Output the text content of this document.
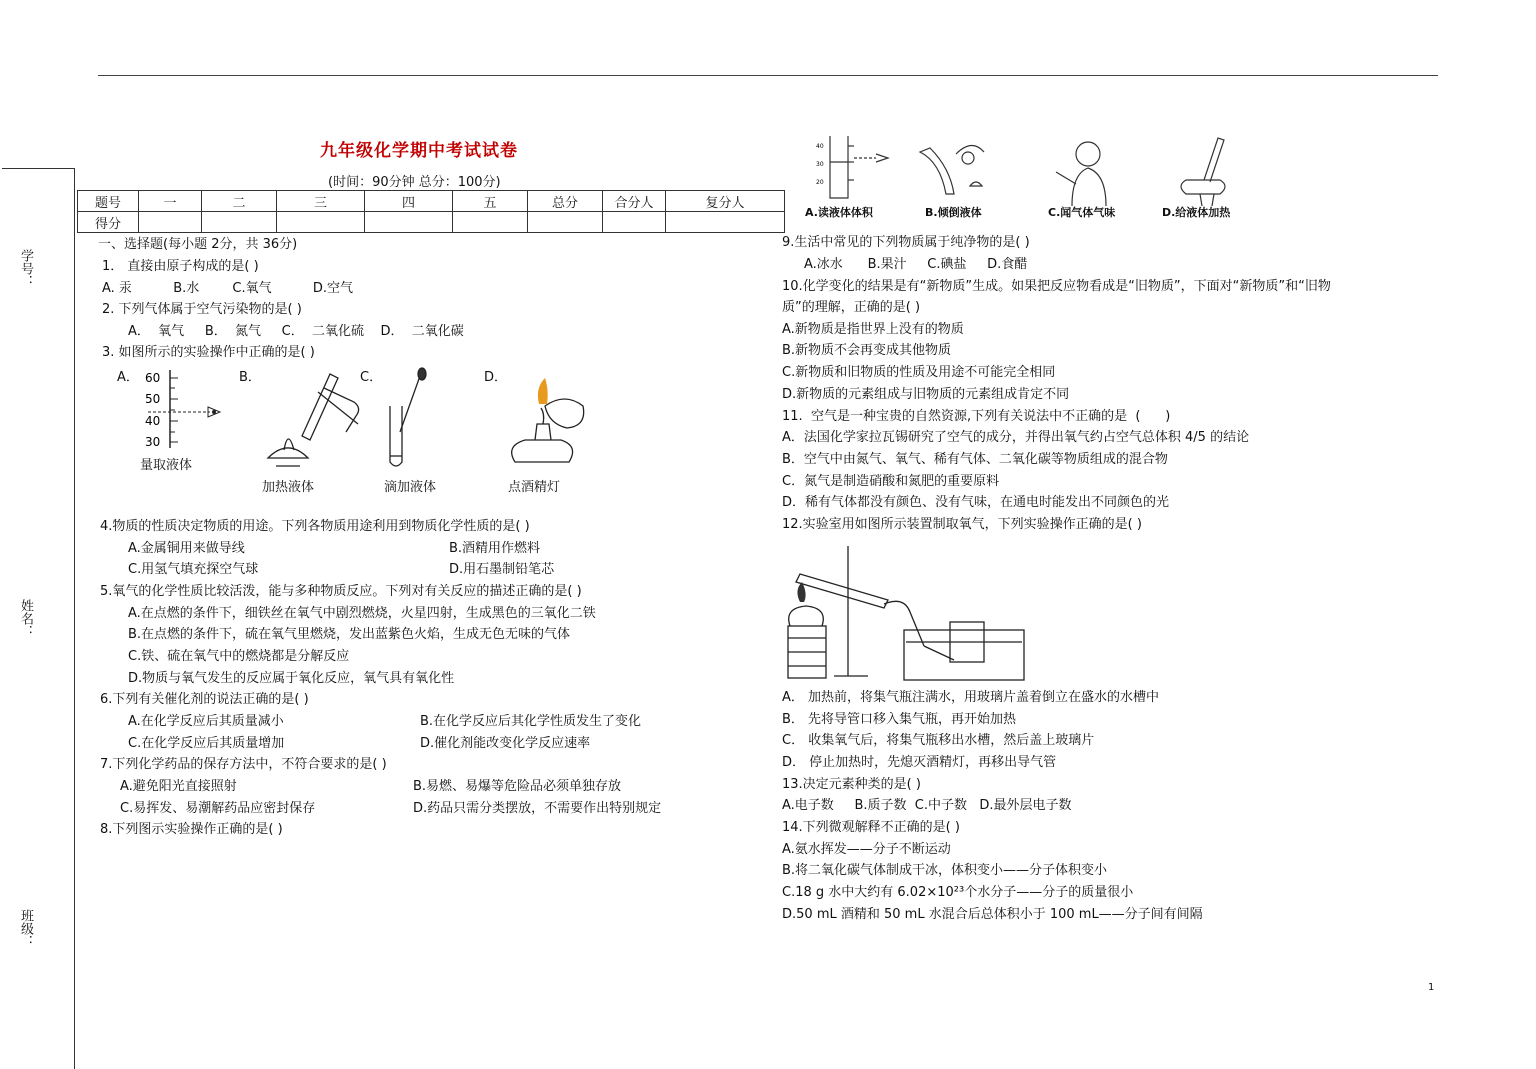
学号：
姓名：
班级：
九年级化学期中考试试卷
(时间：90分钟 总分：100分)
题号	一	二	三	四	五	总分	合分人	复分人
得分								
一、选择题(每小题 2分，共 36分)
1． 直接由原子构成的是( )
A. 汞          B.水        C.氧气          D.空气
2. 下列气体属于空气污染物的是( )
A．  氧气     B．  氮气     C．  二氧化硫    D．  二氧化碳
3. 如图所示的实验操作中正确的是( )
A．	B．	C．	D．
60
50
40
30
量取液体
加热液体	滴加液体	点酒精灯
4.物质的性质决定物质的用途。下列各物质用途利用到物质化学性质的是( )
A.金属铜用来做导线	B.酒精用作燃料
C.用氢气填充探空气球	D.用石墨制铅笔芯
5.氧气的化学性质比较活泼，能与多种物质反应。下列对有关反应的描述正确的是( )
A.在点燃的条件下，细铁丝在氧气中剧烈燃烧，火星四射，生成黑色的三氧化二铁
B.在点燃的条件下，硫在氧气里燃烧，发出蓝紫色火焰，生成无色无味的气体
C.铁、硫在氧气中的燃烧都是分解反应
D.物质与氧气发生的反应属于氧化反应，氧气具有氧化性
6.下列有关催化剂的说法正确的是( )
A.在化学反应后其质量减小	B.在化学反应后其化学性质发生了变化
C.在化学反应后其质量增加	D.催化剂能改变化学反应速率
7.下列化学药品的保存方法中，不符合要求的是( )
A.避免阳光直接照射	B.易燃、易爆等危险品必须单独存放
C.易挥发、易潮解药品应密封保存	D.药品只需分类摆放，不需要作出特别规定
8.下列图示实验操作正确的是( )
40
30
20
A.读液体体积	B.倾倒液体	C.闻气体气味	D.给液体加热
9.生活中常见的下列物质属于纯净物的是( )
A.冰水      B.果汁     C.碘盐     D.食醋
10.化学变化的结果是有“新物质”生成。如果把反应物看成是“旧物质”，下面对“新物质”和“旧物
质”的理解，正确的是( )
A.新物质是指世界上没有的物质
B.新物质不会再变成其他物质
C.新物质和旧物质的性质及用途不可能完全相同
D.新物质的元素组成与旧物质的元素组成肯定不同
11.  空气是一种宝贵的自然资源,下列有关说法中不正确的是  (      )
A．法国化学家拉瓦锡研究了空气的成分，并得出氧气约占空气总体积 4/5 的结论
B．空气中由氮气、氧气、稀有气体、二氧化碳等物质组成的混合物
C．氮气是制造硝酸和氮肥的重要原料
D．稀有气体都没有颜色、没有气味，在通电时能发出不同颜色的光
12.实验室用如图所示装置制取氧气，下列实验操作正确的是( )
A． 加热前，将集气瓶注满水，用玻璃片盖着倒立在盛水的水槽中
B． 先将导管口移入集气瓶，再开始加热
C． 收集氧气后，将集气瓶移出水槽，然后盖上玻璃片
D． 停止加热时，先熄灭酒精灯，再移出导气管
13.决定元素种类的是( )
A.电子数     B.质子数  C.中子数   D.最外层电子数
14.下列微观解释不正确的是( )
A.氨水挥发——分子不断运动
B.将二氧化碳气体制成干冰，体积变小——分子体积变小
C.18 g 水中大约有 6.02×10²³个水分子——分子的质量很小
D.50 mL 酒精和 50 mL 水混合后总体积小于 100 mL——分子间有间隔
1
